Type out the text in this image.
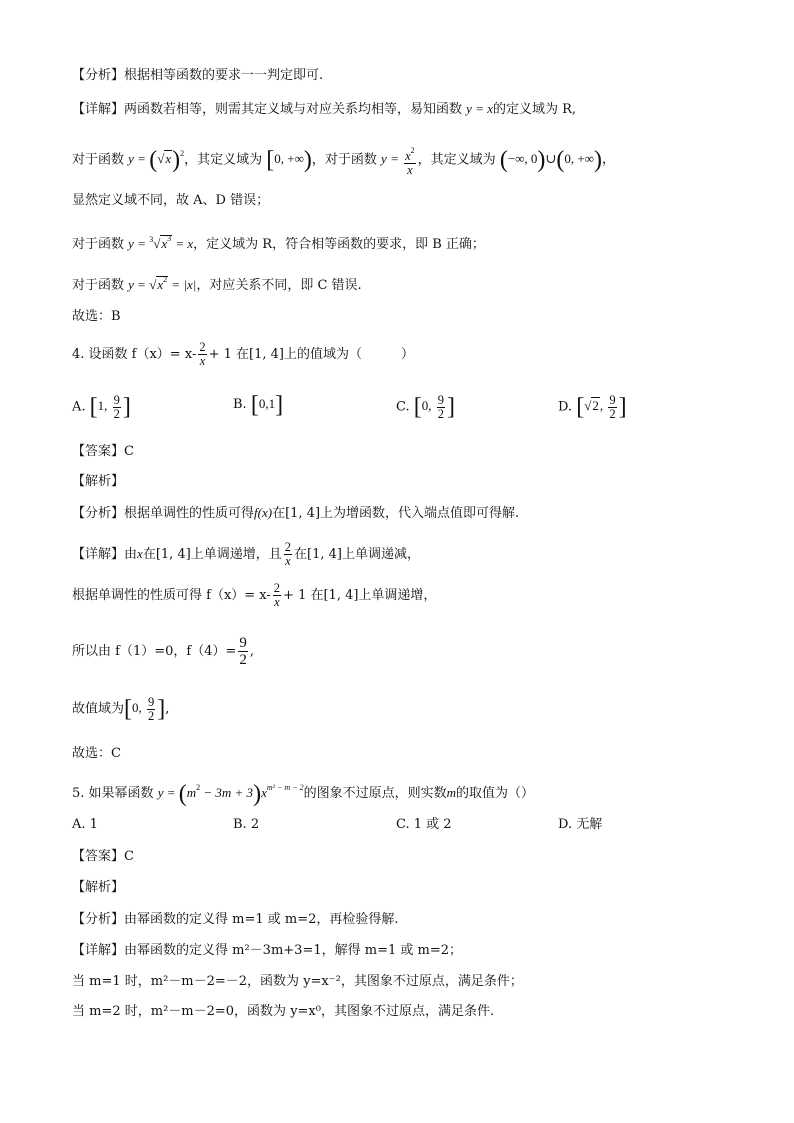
【分析】根据相等函数的要求一一判定即可.
【详解】两函数若相等，则需其定义域与对应关系均相等，易知函数 y = x的定义域为 R,
对于函数 $y = (√x)^2$，其定义域为 [0, +∞)，对于函数 $y = \frac{x^2}{x}$ ，其定义域为 (−∞, 0)∪(0, +∞)，
显然定义域不同，故 A、D 错误；
对于函数 $y = ^3√x^3 = x$，定义域为 R，符合相等函数的要求，即 B 正确；
对于函数 $y = √x^2 = |x|$，对应关系不同，即 C 错误.
故选：B
4. 设函数 $f(x)= x- \frac{2}{x} + 1$ 在[1, 4]上的值域为（　　　）
A. [1, $\frac{9}{2}$ ]	B. [0,1]	C. [0, $\frac{9}{2}$ ]	D. [√2, $\frac{9}{2}$ ]
【答案】C
【解析】
【分析】根据单调性的性质可得f(x)在[1, 4]上为增函数，代入端点值即可得解.
【详解】由x在[1, 4]上单调递增，且 $\frac{2}{x}$ 在[1, 4]上单调递减，
根据单调性的性质可得 $f(x)= x- \frac{2}{x} + 1$ 在[1, 4]上单调递增，
所以由 f（1）=0，$f(4)= \frac{9}{2}$ ,
故值域为[0, $\frac{9}{2}$ ],
故选：C
5. 如果幂函数 $y = (m^2 - 3m + 3)x^{m^2 - m - 2}$的图象不过原点，则实数m的取值为（）
A. 1	B. 2	C. 1 或 2	D. 无解
【答案】C
【解析】
【分析】由幂函数的定义得 m=1 或 m=2，再检验得解.
【详解】由幂函数的定义得 m²－3m+3=1，解得 m=1 或 m=2；
当 m=1 时，m²－m－2=－2，函数为 y=x⁻²，其图象不过原点，满足条件；
当 m=2 时，m²－m－2=0，函数为 y=x⁰，其图象不过原点，满足条件.
